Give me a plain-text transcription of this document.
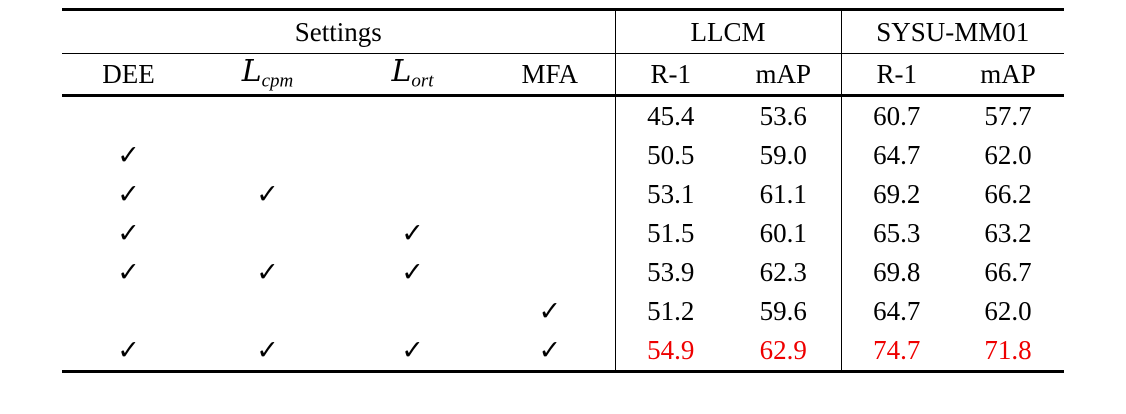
Settings				LLCM		SYSU-MM01	
DEE	$L_{cpm}$	$L_{ort}$	MFA	R-1	mAP	R-1	mAP
				45.4	53.6	60.7	57.7
✓				50.5	59.0	64.7	62.0
✓	✓			53.1	61.1	69.2	66.2
✓		✓		51.5	60.1	65.3	63.2
✓	✓	✓		53.9	62.3	69.8	66.7
			✓	51.2	59.6	64.7	62.0
✓	✓	✓	✓	54.9	62.9	74.7	71.8
